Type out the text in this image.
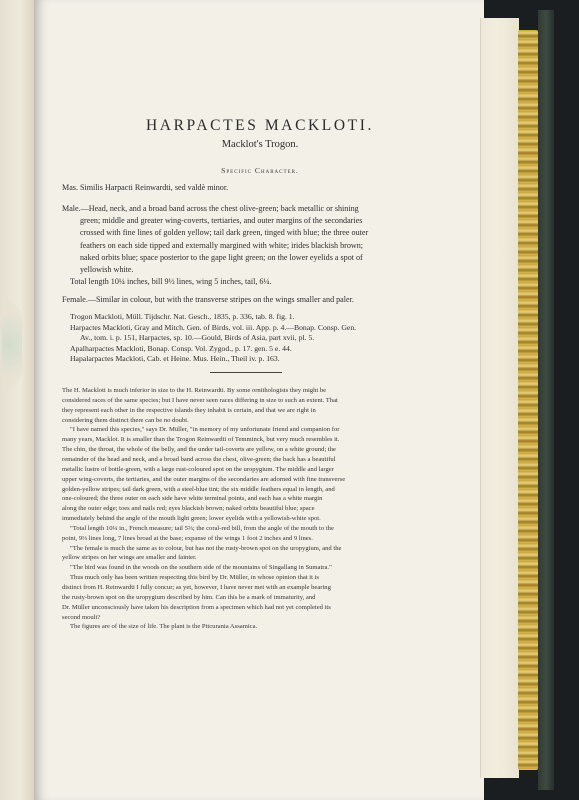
HARPACTES MACKLOTI.
Macklot's Trogon.
Specific Character.
Mas. Similis Harpacti Reinwardti, sed valdè minor.
Male.—Head, neck, and a broad band across the chest olive-green; back metallic or shining
green; middle and greater wing-coverts, tertiaries, and outer margins of the secondaries
crossed with fine lines of golden yellow; tail dark green, tinged with blue; the three outer
feathers on each side tipped and externally margined with white; irides blackish brown;
naked orbits blue; space posterior to the gape light green; on the lower eyelids a spot of
yellowish white.
Total length 10¼ inches, bill 9½ lines, wing 5 inches, tail, 6¼.
Female.—Similar in colour, but with the transverse stripes on the wings smaller and paler.
Trogon Mackloti, Müll. Tijdschr. Nat. Gesch., 1835, p. 336, tab. 8. fig. 1.
Harpactes Mackloti, Gray and Mitch. Gen. of Birds, vol. iii. App. p. 4.—Bonap. Consp. Gen.
Av., tom. i. p. 151, Harpactes, sp. 10.—Gould, Birds of Asia, part xvii, pl. 5.
Apalharpactes Mackloti, Bonap. Consp. Vol. Zygod., p. 17. gen. 5 e. 44.
Hapalarpactes Mackloti, Cab. et Heine. Mus. Hein., Theil iv. p. 163.
The H. Mackloti is much inferior in size to the H. Reinwardti. By some ornithologists they might be
considered races of the same species; but I have never seen races differing in size to such an extent. That
they represent each other in the respective islands they inhabit is certain, and that we are right in
considering them distinct there can be no doubt.
"I have named this species," says Dr. Müller, "in memory of my unfortunate friend and companion for
many years, Macklot. It is smaller than the Trogon Reinwardti of Temminck, but very much resembles it.
The chin, the throat, the whole of the belly, and the under tail-coverts are yellow, on a white ground; the
remainder of the head and neck, and a broad band across the chest, olive-green; the back has a beautiful
metallic lustre of bottle-green, with a large rust-coloured spot on the uropygium. The middle and larger
upper wing-coverts, the tertiaries, and the outer margins of the secondaries are adorned with fine transverse
golden-yellow stripes; tail dark green, with a steel-blue tint; the six middle feathers equal in length, and
one-coloured; the three outer on each side have white terminal points, and each has a white margin
along the outer edge; toes and nails red; eyes blackish brown; naked orbits beautiful blue; space
immediately behind the angle of the mouth light green; lower eyelids with a yellowish-white spot.
"Total length 10¼ in., French measure; tail 5⅔; the coral-red bill, from the angle of the mouth to the
point, 9⅓ lines long, 7 lines broad at the base; expanse of the wings 1 foot 2 inches and 9 lines.
"The female is much the same as to colour, but has not the rusty-brown spot on the uropygium, and the
yellow stripes on her wings are smaller and fainter.
"The bird was found in the woods on the southern side of the mountains of Singallang in Sumatra."
Thus much only has been written respecting this bird by Dr. Müller, in whose opinion that it is
distinct from H. Reinwardti I fully concur; as yet, however, I have never met with an example bearing
the rusty-brown spot on the uropygium described by him. Can this be a mark of immaturity, and
Dr. Müller unconsciously have taken his description from a specimen which had not yet completed its
second moult?
The figures are of the size of life. The plant is the Pitcurania Assamica.
